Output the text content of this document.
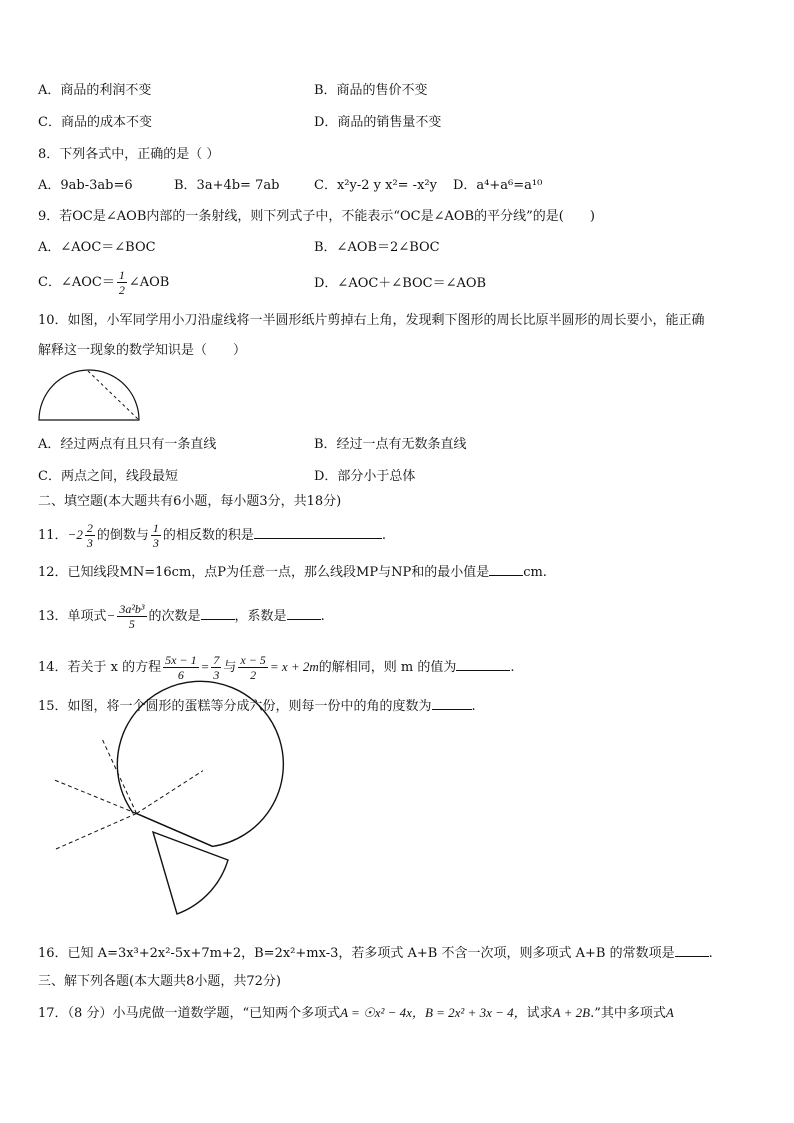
A．商品的利润不变	B．商品的售价不变
C．商品的成本不变	D．商品的销售量不变
8．下列各式中，正确的是（ ）
A．9ab-3ab=6	B．3a+4b= 7ab	C．x²y-2 y x²= -x²y D．a⁴+a⁶=a¹⁰
9．若OC是∠AOB内部的一条射线，则下列式子中，不能表示“OC是∠AOB的平分线”的是(　　)
A．∠AOC＝∠BOC	B．∠AOB＝2∠BOC
C．∠AOC＝ $\frac{1}{2}$ ∠AOB	D．∠AOC＋∠BOC＝∠AOB
10．如图，小军同学用小刀沿虚线将一半圆形纸片剪掉右上角，发现剩下图形的周长比原半圆形的周长要小，能正确
解释这一现象的数学知识是（　　）
A．经过两点有且只有一条直线	B．经过一点有无数条直线
C．两点之间，线段最短	D．部分小于总体
二、填空题(本大题共有6小题，每小题3分，共18分)
11．$-2 \frac{2}{3}$ 的倒数与 $\frac{1}{3}$ 的相反数的积是	.
12．已知线段MN=16cm，点P为任意一点，那么线段MP与NP和的最小值是	cm.
13．单项式− $\frac{\text{3a²b³}}{5}$ 的次数是	，系数是	.
14．若关于 x 的方程 $\frac{5x - 1}{6} = \frac{7}{3}$ 与 $\frac{x - 5}{2} = x + 2m$的解相同，则 m 的值为	.
15．如图，将一个圆形的蛋糕等分成六份，则每一份中的角的度数为	.
16．已知 A=3x³+2x²-5x+7m+2，B=2x²+mx-3，若多项式 A+B 不含一次项，则多项式 A+B 的常数项是	.
三、解下列各题(本大题共8小题，共72分)
17．（8 分）小马虎做一道数学题，“已知两个多项式A = ☉x² − 4x，B = 2x² + 3x − 4，试求A + 2B.”其中多项式A
